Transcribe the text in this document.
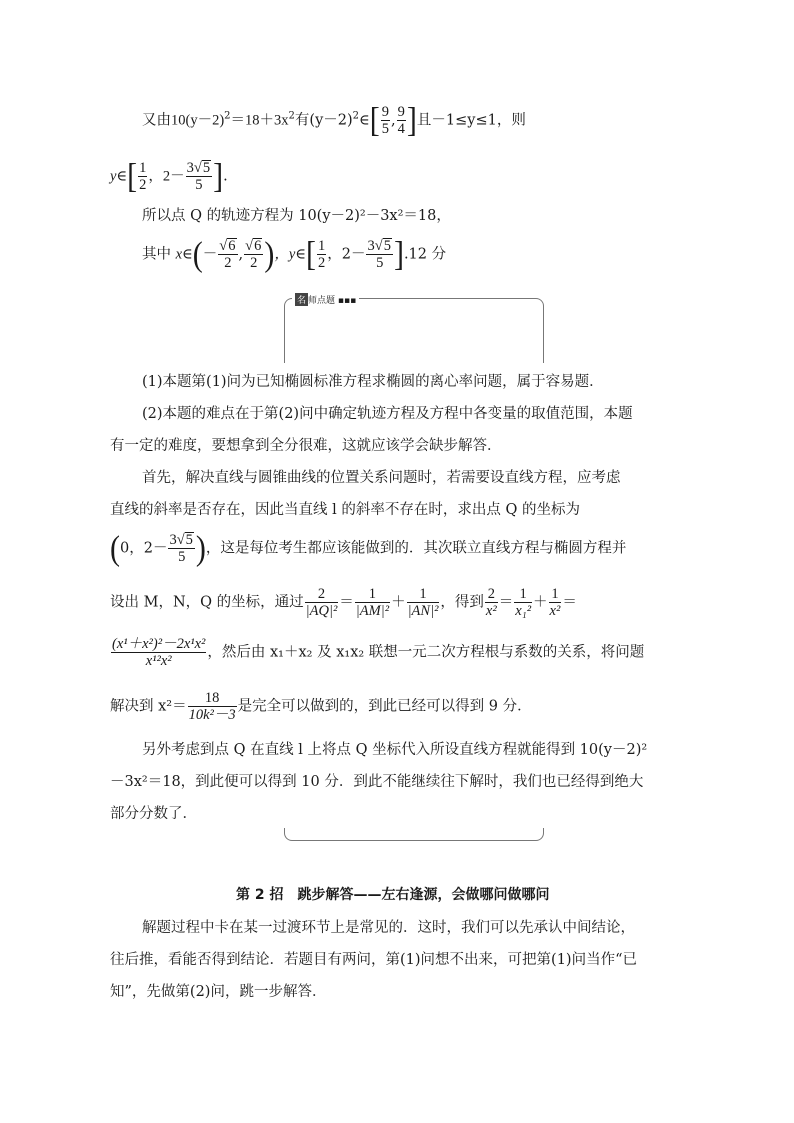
又由$10(y-2)^2=18+3x^2$有$(y-2)^2\in[ \frac{9}{5}$ , $\frac{9}{4}$ ]且－1≤y≤1，则
y∈[ $\frac{1}{2}$ ，$2- \frac{3√5}{5}$ ].
所以点 Q 的轨迹方程为 10(y－2)²－3x²＝18，
其中 x∈(－ $\frac{√6}{2}$ , $\frac{√6}{2}$ )，y∈[ $\frac{1}{2}$ ，$2- \frac{3√5}{5} ].12$ 分
名 师点题 ▪▪▪
(1)本题第(1)问为已知椭圆标准方程求椭圆的离心率问题，属于容易题．
(2)本题的难点在于第(2)问中确定轨迹方程及方程中各变量的取值范围，本题
有一定的难度，要想拿到全分很难，这就应该学会缺步解答．
首先，解决直线与圆锥曲线的位置关系问题时，若需要设直线方程，应考虑
直线的斜率是否存在，因此当直线 l 的斜率不存在时，求出点 Q 的坐标为
(0，$2- \frac{3√5}{5}$ )，这是每位考生都应该能做到的．其次联立直线方程与椭圆方程并
设出 M，N，Q 的坐标，通过 $\frac{2}{\text{|AQ|²}} = \frac{1}{\text{|AM|²}} + \frac{1}{\text{|AN|²}}$ ，得到 $\frac{2}{\text{x²}} = \frac{1}{\text{x₁²}} + \frac{1}{\text{x²}}$ ＝
$\frac{\text{(x¹＋x²)²－2x¹x²}}{\text{x¹²x²}}$ ，然后由 x₁＋x₂ 及 x₁x₂ 联想一元二次方程根与系数的关系，将问题
解决到 $x^2= \frac{18}{\text{10k²－3}}$ 是完全可以做到的，到此已经可以得到 9 分．
另外考虑到点 Q 在直线 l 上将点 Q 坐标代入所设直线方程就能得到 10(y－2)²
－3x²＝18，到此便可以得到 10 分．到此不能继续往下解时，我们也已经得到绝大
部分分数了．
第 2 招　跳步解答——左右逢源，会做哪问做哪问
解题过程中卡在某一过渡环节上是常见的．这时，我们可以先承认中间结论，
往后推，看能否得到结论．若题目有两问，第(1)问想不出来，可把第(1)问当作“已
知”，先做第(2)问，跳一步解答．
